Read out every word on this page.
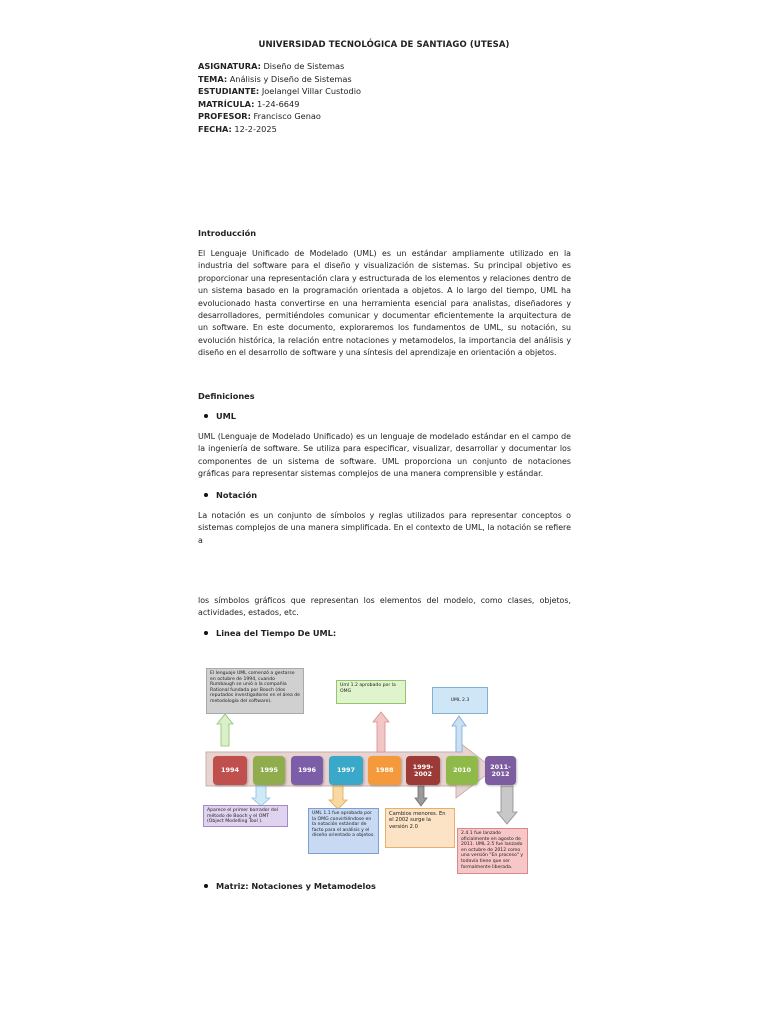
UNIVERSIDAD TECNOLÓGICA DE SANTIAGO (UTESA)
ASIGNATURA: Diseño de Sistemas
TEMA: Análisis y Diseño de Sistemas
ESTUDIANTE: Joelangel Villar Custodio
MATRÍCULA: 1-24-6649
PROFESOR: Francisco Genao
FECHA: 12-2-2025
Introducción
El Lenguaje Unificado de Modelado (UML) es un estándar ampliamente utilizado en la industria del software para el diseño y visualización de sistemas. Su principal objetivo es proporcionar una representación clara y estructurada de los elementos y relaciones dentro de un sistema basado en la programación orientada a objetos. A lo largo del tiempo, UML ha evolucionado hasta convertirse en una herramienta esencial para analistas, diseñadores y desarrolladores, permitiéndoles comunicar y documentar eficientemente la arquitectura de un software. En este documento, exploraremos los fundamentos de UML, su notación, su evolución histórica, la relación entre notaciones y metamodelos, la importancia del análisis y diseño en el desarrollo de software y una síntesis del aprendizaje en orientación a objetos.
Definiciones
UML
UML (Lenguaje de Modelado Unificado) es un lenguaje de modelado estándar en el campo de la ingeniería de software. Se utiliza para especificar, visualizar, desarrollar y documentar los componentes de un sistema de software. UML proporciona un conjunto de notaciones gráficas para representar sistemas complejos de una manera comprensible y estándar.
Notación
La notación es un conjunto de símbolos y reglas utilizados para representar conceptos o sistemas complejos de una manera simplificada. En el contexto de UML, la notación se refiere a
los símbolos gráficos que representan los elementos del modelo, como clases, objetos, actividades, estados, etc.
Linea del Tiempo De UML:
1994	1995	1996	1997	1988	1999-
2002	2010	2011-
2012
El lenguaje UML comenzó a gestarse en octubre de 1994, cuando Rumbaugh se unió a la compañía Rational fundada por Booch (dos reputados investigadores en el área de metodología del software).
Uml 1.2 aprobado por la OMG
UML 2.3
Aparece el primer borrador del método de Booch y el OMT (Object Modelling Tool ).
UML 1.1 fue aprobada por la OMG convirtiéndose en la notación estándar de facto para el análisis y el diseño orientado a objetos.
Cambios menores. En el 2002 surge la versión 2.0
2.4.1 fue lanzado oficialmente en agosto de 2011. UML 2.5 fue lanzado en octubre de 2012 como una versión "En proceso" y todavía tiene que ser formalmente liberada.
Matriz: Notaciones y Metamodelos
